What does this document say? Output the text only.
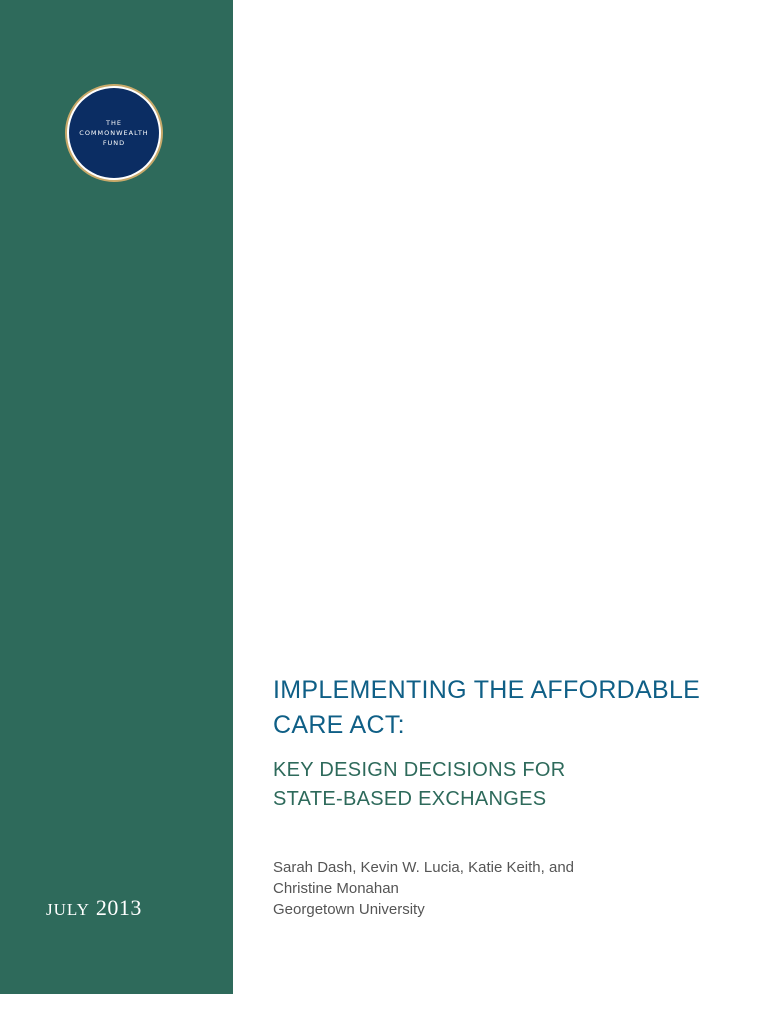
THE
COMMONWEALTH
FUND
JULY 2013
IMPLEMENTING THE AFFORDABLE
CARE ACT:
KEY DESIGN DECISIONS FOR
STATE-BASED EXCHANGES
Sarah Dash, Kevin W. Lucia, Katie Keith, and
Christine Monahan
Georgetown University
